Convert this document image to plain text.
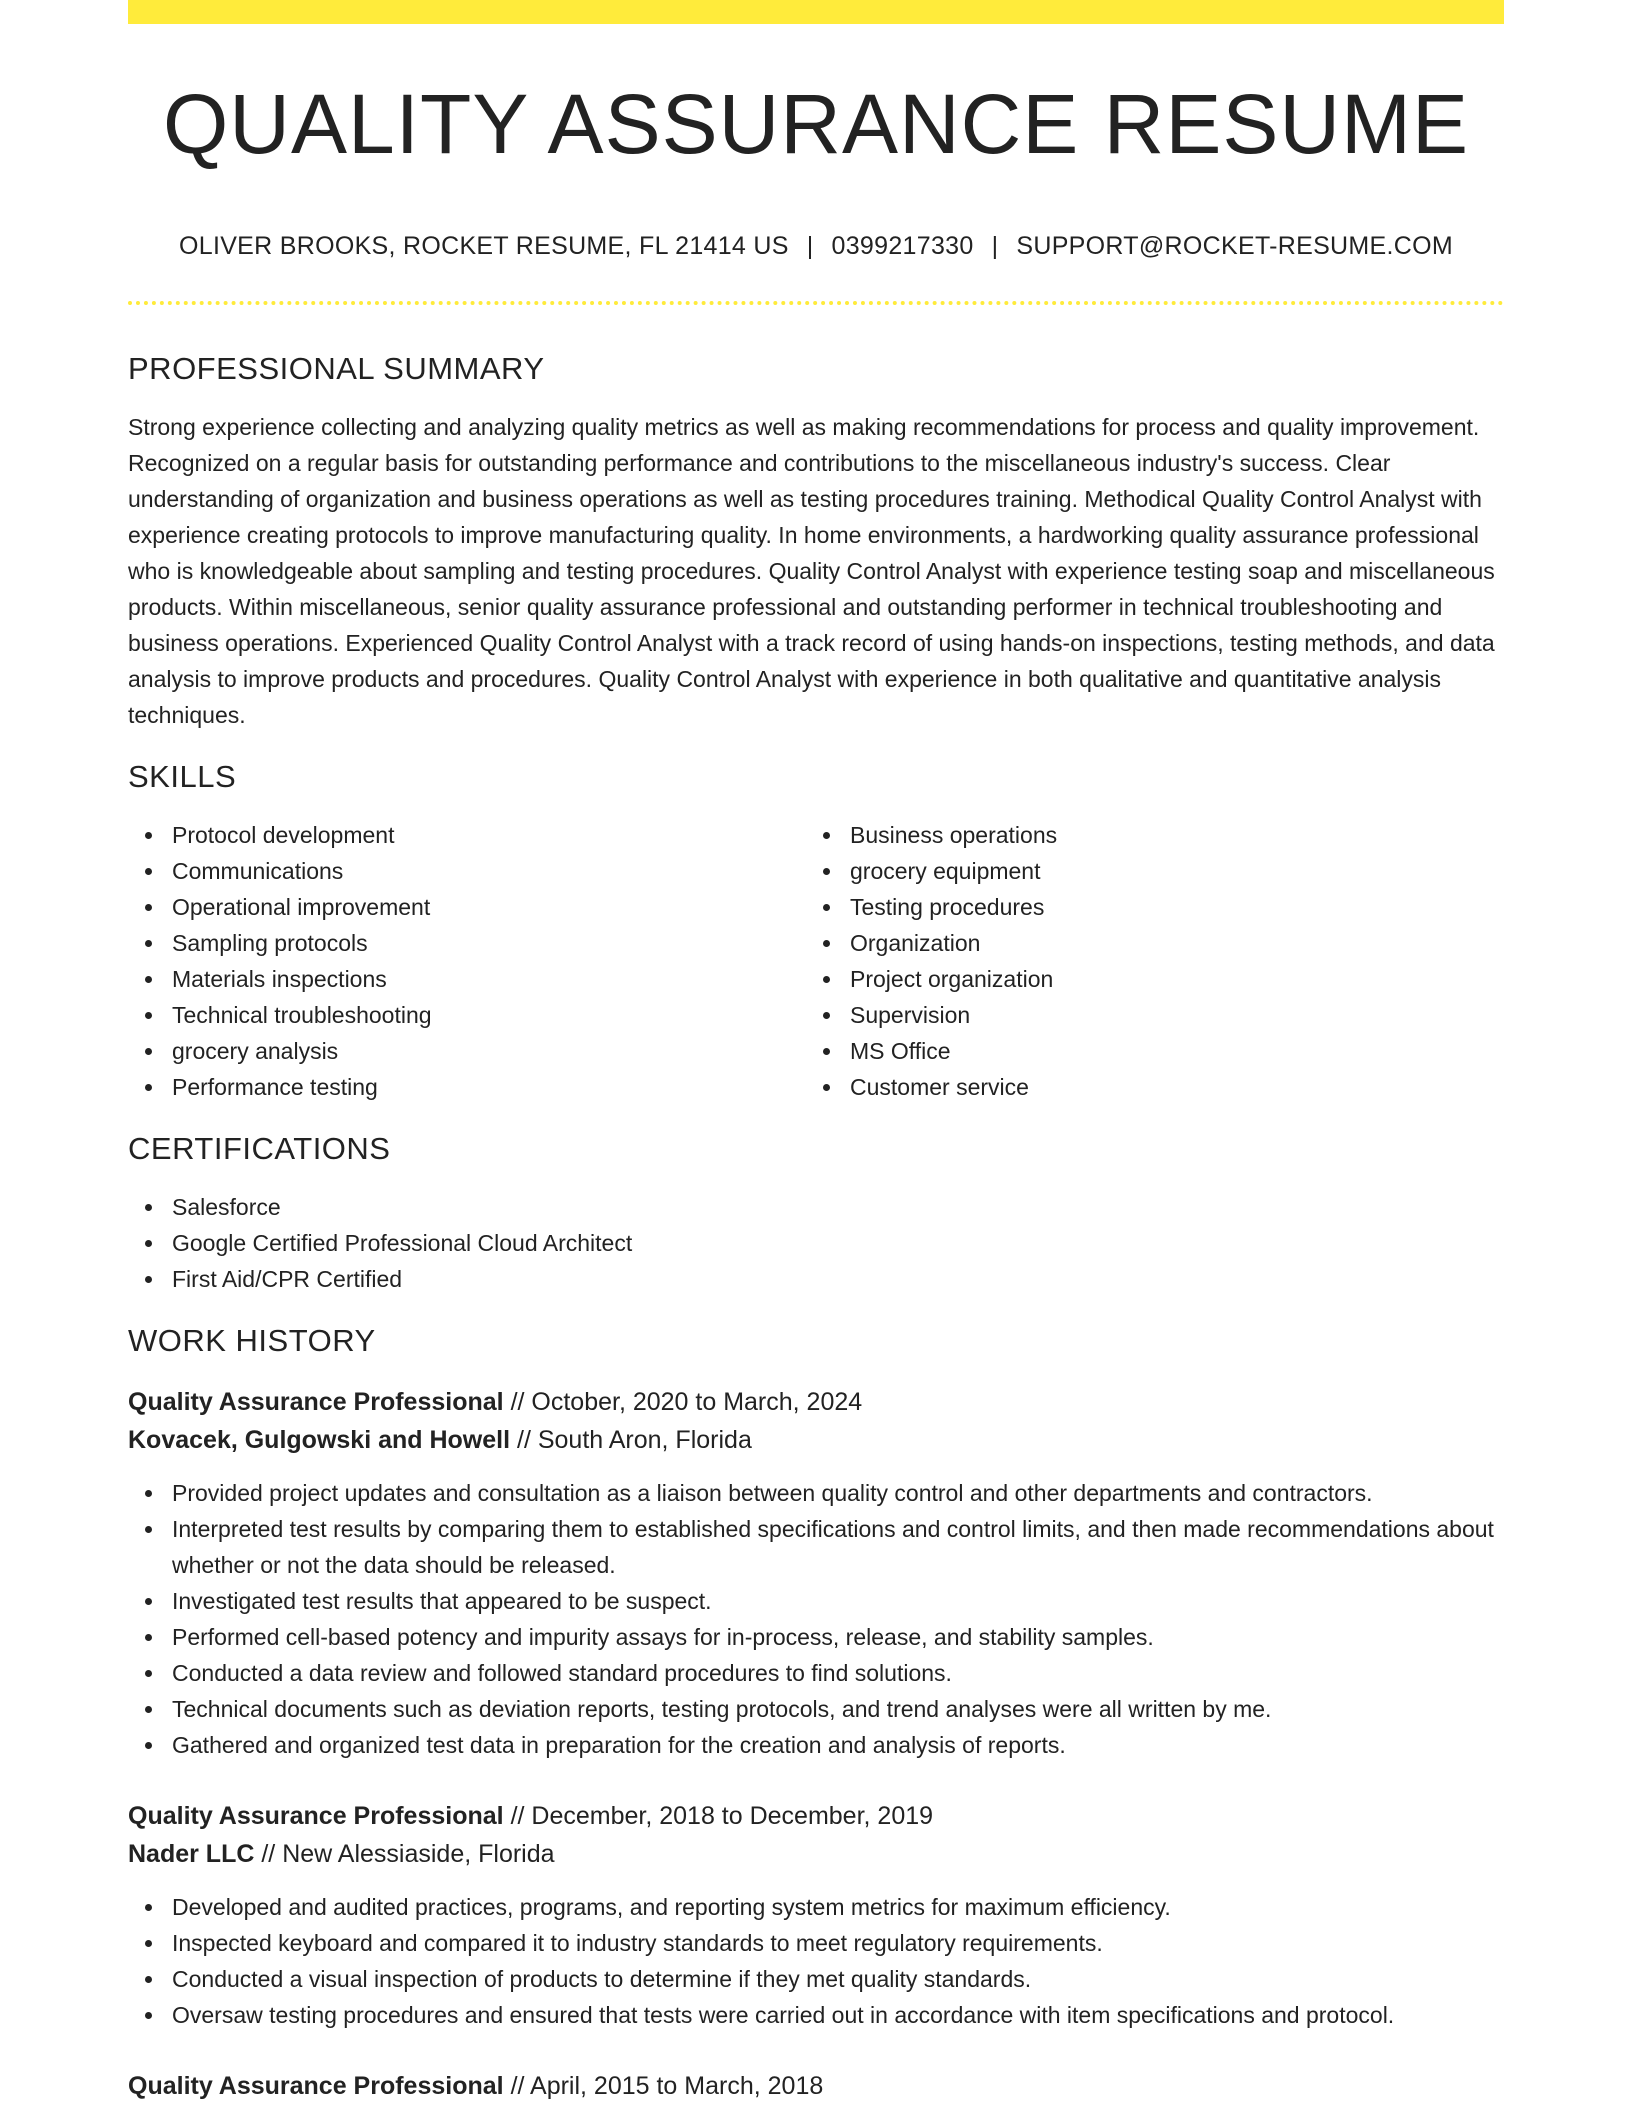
QUALITY ASSURANCE RESUME
OLIVER BROOKS, ROCKET RESUME, FL 21414 US | 0399217330 | SUPPORT@ROCKET-RESUME.COM
PROFESSIONAL SUMMARY

Strong experience collecting and analyzing quality metrics as well as making recommendations for process and quality improvement. Recognized on a regular basis for outstanding performance and contributions to the miscellaneous industry's success. Clear understanding of organization and business operations as well as testing procedures training. Methodical Quality Control Analyst with experience creating protocols to improve manufacturing quality. In home environments, a hardworking quality assurance professional who is knowledgeable about sampling and testing procedures. Quality Control Analyst with experience testing soap and miscellaneous products. Within miscellaneous, senior quality assurance professional and outstanding performer in technical troubleshooting and business operations. Experienced Quality Control Analyst with a track record of using hands-on inspections, testing methods, and data analysis to improve products and procedures. Quality Control Analyst with experience in both qualitative and quantitative analysis techniques.

SKILLS
Protocol development
Communications
Operational improvement
Sampling protocols
Materials inspections
Technical troubleshooting
grocery analysis
Performance testing
Business operations
grocery equipment
Testing procedures
Organization
Project organization
Supervision
MS Office
Customer service
CERTIFICATIONS
Salesforce
Google Certified Professional Cloud Architect
First Aid/CPR Certified
WORK HISTORY
Quality Assurance Professional // October, 2020 to March, 2024
Kovacek, Gulgowski and Howell // South Aron, Florida
Provided project updates and consultation as a liaison between quality control and other departments and contractors.
Interpreted test results by comparing them to established specifications and control limits, and then made recommendations about whether or not the data should be released.
Investigated test results that appeared to be suspect.
Performed cell-based potency and impurity assays for in-process, release, and stability samples.
Conducted a data review and followed standard procedures to find solutions.
Technical documents such as deviation reports, testing protocols, and trend analyses were all written by me.
Gathered and organized test data in preparation for the creation and analysis of reports.
Quality Assurance Professional // December, 2018 to December, 2019
Nader LLC // New Alessiaside, Florida
Developed and audited practices, programs, and reporting system metrics for maximum efficiency.
Inspected keyboard and compared it to industry standards to meet regulatory requirements.
Conducted a visual inspection of products to determine if they met quality standards.
Oversaw testing procedures and ensured that tests were carried out in accordance with item specifications and protocol.
Quality Assurance Professional // April, 2015 to March, 2018
